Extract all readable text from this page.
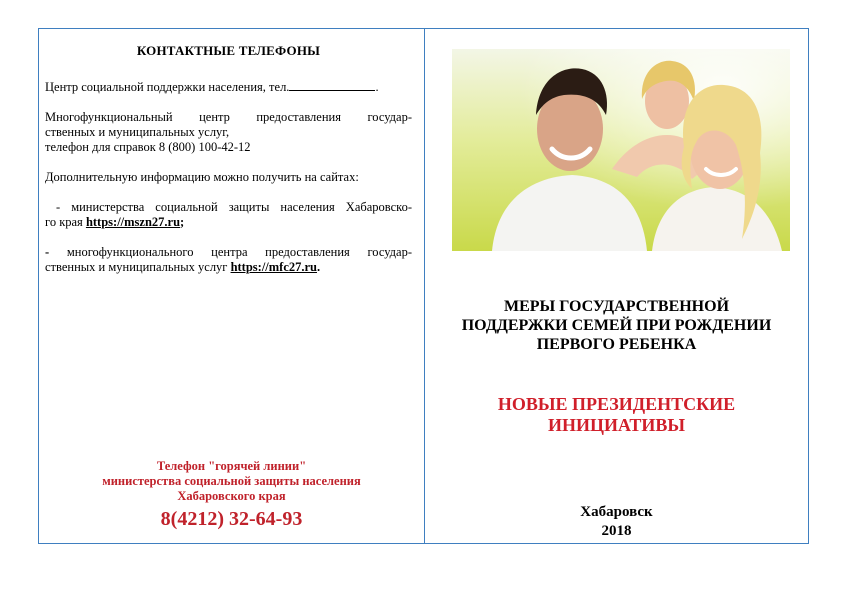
КОНТАКТНЫЕ ТЕЛЕФОНЫ

Центр социальной поддержки населения, тел.	.

Многофункциональный центр предоставления государ-
ственных и муниципальных услуг,
телефон для справок 8 (800) 100-42-12

Дополнительную информацию можно получить на сайтах:

- министерства социальной защиты населения Хабаровско-
го края https://mszn27.ru;

- многофункционального центра предоставления государ-
ственных и муниципальных услуг https://mfc27.ru.

Телефон "горячей линии"
министерства социальной защиты населения
Хабаровского края
8(4212) 32-64-93
МЕРЫ ГОСУДАРСТВЕННОЙ
ПОДДЕРЖКИ СЕМЕЙ ПРИ РОЖДЕНИИ
ПЕРВОГО РЕБЕНКА
НОВЫЕ ПРЕЗИДЕНТСКИЕ
ИНИЦИАТИВЫ
Хабаровск
2018
